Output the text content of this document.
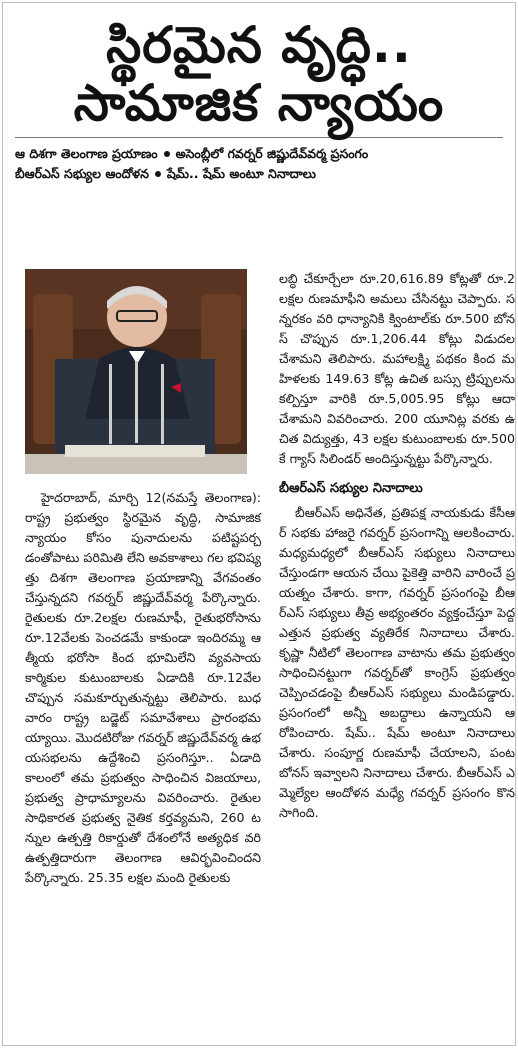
స్థిరమైన వృద్ధి..
సామాజిక న్యాయం
ఆ దిశగా తెలంగాణ ప్రయాణం అసెంబ్లీలో గవర్నర్ జిష్ణుదేవ్‌వర్మ ప్రసంగం
బీఆర్‌ఎస్ సభ్యుల ఆందోళన షేమ్.. షేమ్ అంటూ నినాదాలు

హైదరాబాద్, మార్చి 12(నమస్తే తెలంగాణ): రాష్ట్ర ప్రభుత్వం స్థిరమైన వృద్ధి, సామాజిక న్యాయం కోసం పునాదులను పటిష్టపర్చడంతోపాటు పరిమితి లేని అవకాశాలు గల భవిష్యత్తు దిశగా తెలంగాణ ప్రయాణాన్ని వేగవంతం చేస్తున్నదని గవర్నర్ జిష్ణుదేవ్‌వర్మ పేర్కొన్నారు. రైతులకు రూ.2లక్షల రుణమాఫీ, రైతుభరోసాను రూ.12వేలకు పెంచడమే కాకుండా ఇందిరమ్మ ఆత్మీయ భరోసా కింద భూమిలేని వ్యవసాయ కార్మికుల కుటుంబాలకు ఏడాదికి రూ.12వేల చొప్పున సమకూర్చుతున్నట్టు తెలిపారు. బుధవారం రాష్ట్ర బడ్జెట్ సమావేశాలు ప్రారంభమయ్యాయి. మొదటిరోజు గవర్నర్ జిష్ణుదేవ్‌వర్మ ఉభయసభలను ఉద్దేశించి ప్రసంగిస్తూ.. ఏడాది కాలంలో తమ ప్రభుత్వం సాధించిన విజయాలు, ప్రభుత్వ ప్రాధామ్యాలను వివరించారు. రైతుల సాధికారత ప్రభుత్వ నైతిక కర్తవ్యమని, 260 టన్నుల ఉత్పత్తి రికార్డుతో దేశంలోనే అత్యధిక వరి ఉత్పత్తిదారుగా తెలంగాణ ఆవిర్భవించిందని పేర్కొన్నారు. 25.35 లక్షల మంది రైతులకు

లబ్ధి చేకూర్చేలా రూ.20,616.89 కోట్లతో రూ.2 లక్షల రుణమాఫీని అమలు చేసినట్టు చెప్పారు. సన్నరకం వరి ధాన్యానికి క్వింటాల్‌కు రూ.500 బోనస్ చొప్పున రూ.1,206.44 కోట్లు విడుదల చేశామని తెలిపారు. మహాలక్ష్మి పథకం కింద మహిళలకు 149.63 కోట్ల ఉచిత బస్సు ట్రిప్పులను కల్పిస్తూ వారికి రూ.5,005.95 కోట్లు ఆదా చేశామని వివరించారు. 200 యూనిట్ల వరకు ఉచిత విద్యుత్తు, 43 లక్షల కుటుంబాలకు రూ.500కే గ్యాస్ సిలిండర్ అందిస్తున్నట్టు పేర్కొన్నారు.

బీఆర్‌ఎస్ సభ్యుల నినాదాలు

బీఆర్‌ఎస్ అధినేత, ప్రతిపక్ష నాయకుడు కేసీఆర్ సభకు హాజరై గవర్నర్ ప్రసంగాన్ని ఆలకించారు. మధ్యమధ్యలో బీఆర్‌ఎస్ సభ్యులు నినాదాలు చేస్తుండగా ఆయన చేయి పైకెత్తి వారిని వారించే ప్రయత్నం చేశారు. కాగా, గవర్నర్ ప్రసంగంపై బీఆర్‌ఎస్ సభ్యులు తీవ్ర అభ్యంతరం వ్యక్తంచేస్తూ పెద్దఎత్తున ప్రభుత్వ వ్యతిరేక నినాదాలు చేశారు. కృష్ణా నీటిలో తెలంగాణ వాటాను తమ ప్రభుత్వం సాధించినట్టుగా గవర్నర్‌తో కాంగ్రెస్ ప్రభుత్వం చెప్పించడంపై బీఆర్‌ఎస్ సభ్యులు మండిపడ్డారు. ప్రసంగంలో అన్నీ అబద్ధాలు ఉన్నాయని ఆరోపించారు. షేమ్.. షేమ్ అంటూ నినాదాలు చేశారు. సంపూర్ణ రుణమాఫీ చేయాలని, పంట బోనస్ ఇవ్వాలని నినాదాలు చేశారు. బీఆర్‌ఎస్ ఎమ్మెల్యేల ఆందోళన మధ్యే గవర్నర్ ప్రసంగం కొనసాగింది.
